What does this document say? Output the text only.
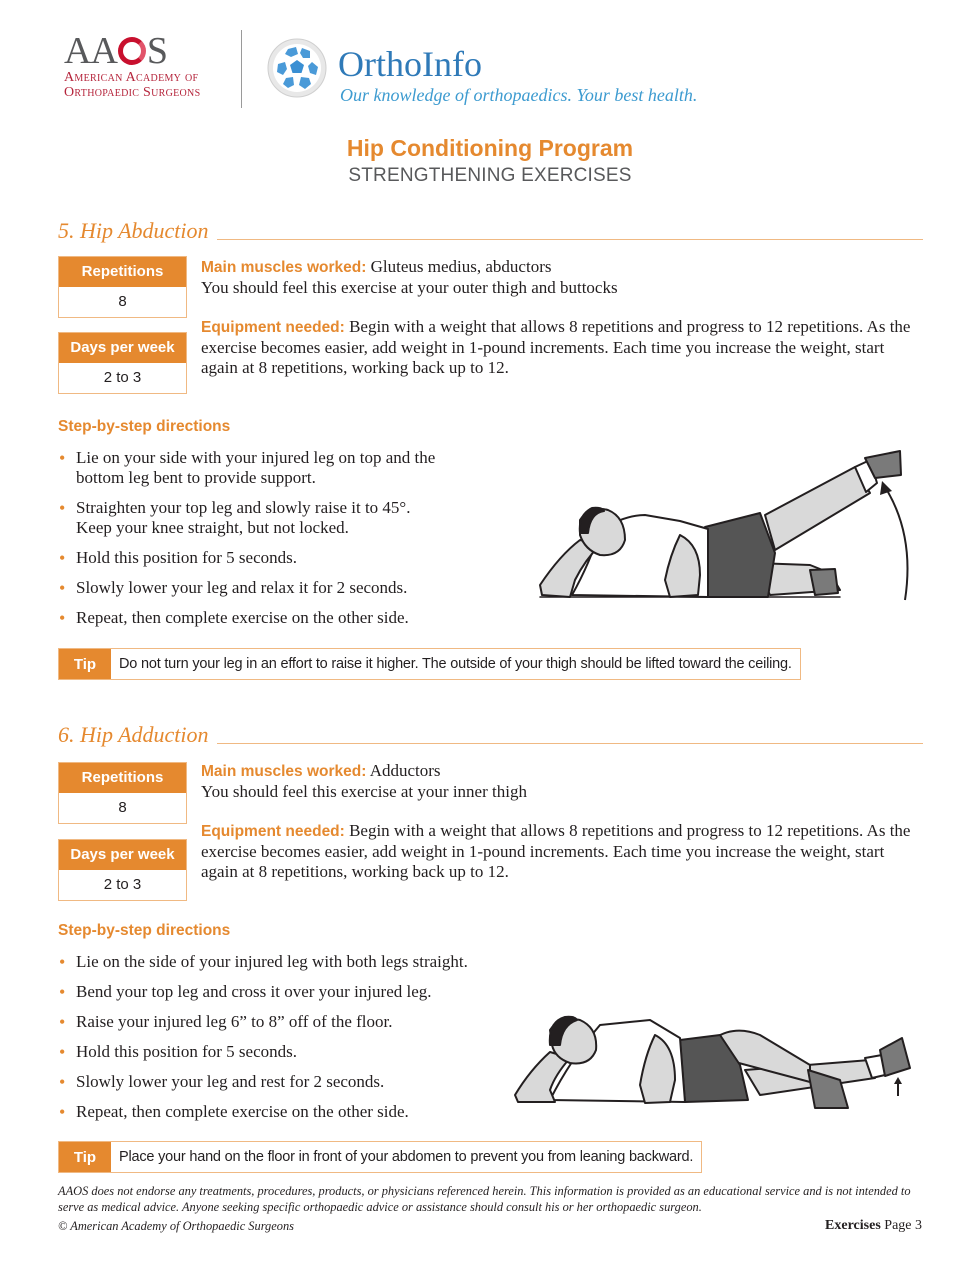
AA S
American Academy of
Orthopaedic Surgeons
OrthoInfo
Our knowledge of orthopaedics. Your best health.
Hip Conditioning Program
STRENGTHENING EXERCISES
5. Hip Abduction
Repetitions
8
Days per week
2 to 3

Main muscles worked: Gluteus medius, abductors

You should feel this exercise at your outer thigh and buttocks

Equipment needed: Begin with a weight that allows 8 repetitions and progress to 12 repetitions. As the exercise becomes easier, add weight in 1-pound increments. Each time you increase the weight, start again at 8 repetitions, working back up to 12.

Step-by-step directions
• Lie on your side with your injured leg on top and the bottom leg bent to provide support.
• Straighten your top leg and slowly raise it to 45°. Keep your knee straight, but not locked.
• Hold this position for 5 seconds.
• Slowly lower your leg and relax it for 2 seconds.
• Repeat, then complete exercise on the other side.
Tip	Do not turn your leg in an effort to raise it higher. The outside of your thigh should be lifted toward the ceiling.
6. Hip Adduction
Repetitions
8
Days per week
2 to 3

Main muscles worked: Adductors

You should feel this exercise at your inner thigh

Equipment needed: Begin with a weight that allows 8 repetitions and progress to 12 repetitions. As the exercise becomes easier, add weight in 1-pound increments. Each time you increase the weight, start again at 8 repetitions, working back up to 12.

Step-by-step directions
• Lie on the side of your injured leg with both legs straight.
• Bend your top leg and cross it over your injured leg.
• Raise your injured leg 6” to 8” off of the floor.
• Hold this position for 5 seconds.
• Slowly lower your leg and rest for 2 seconds.
• Repeat, then complete exercise on the other side.
Tip	Place your hand on the floor in front of your abdomen to prevent you from leaning backward.
AAOS does not endorse any treatments, procedures, products, or physicians referenced herein. This information is provided as an educational service and is not intended to serve as medical advice. Anyone seeking specific orthopaedic advice or assistance should consult his or her orthopaedic surgeon.
© American Academy of Orthopaedic Surgeons	Exercises Page 3
